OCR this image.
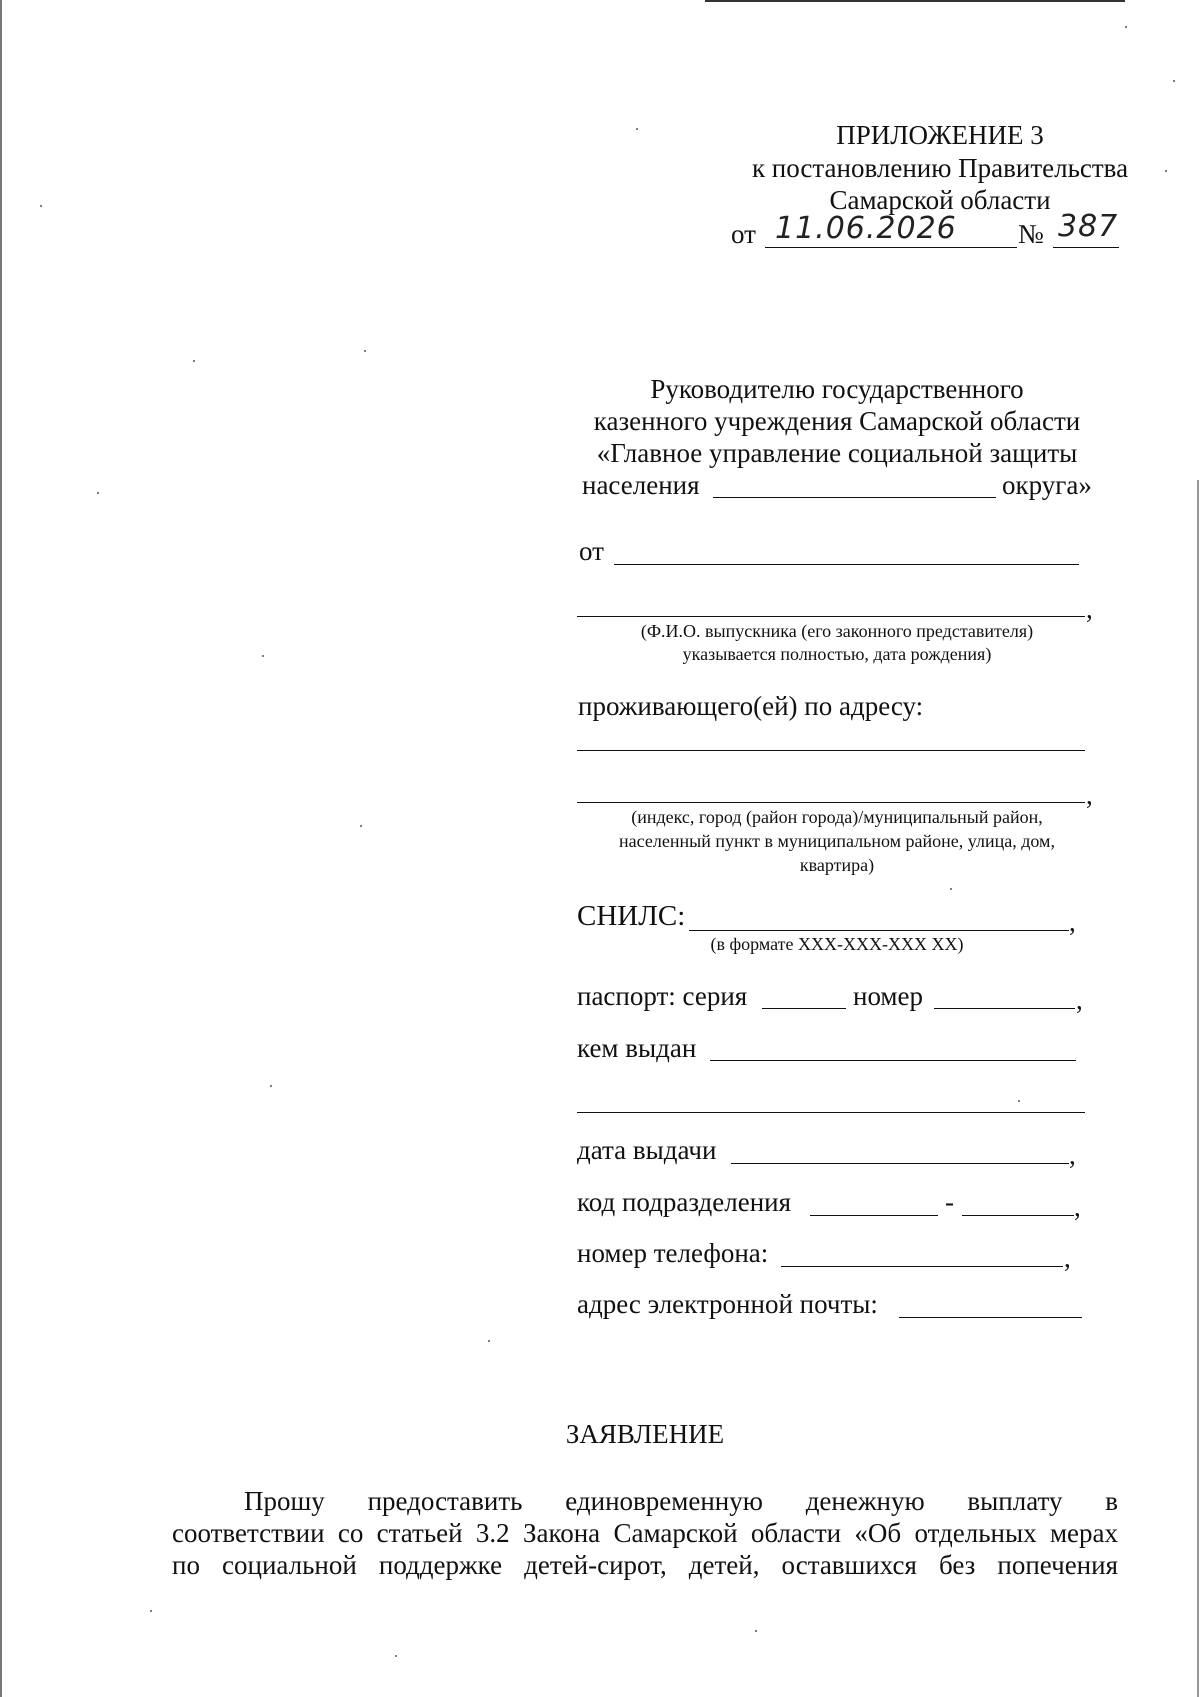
ПРИЛОЖЕНИЕ 3
к постановлению Правительства
Самарской области
от 11.06.2026 № 387
Руководителю государственного
казенного учреждения Самарской области
«Главное управление социальной защиты
населения	округа»
от
,
(Ф.И.О. выпускника (его законного представителя)
указывается полностью, дата рождения)
проживающего(ей) по адресу:
,
(индекс, город (район города)/муниципальный район,
населенный пункт в муниципальном районе, улица, дом,
квартира)
СНИЛС:	,
(в формате XXX-XXX-XXX XX)
паспорт: серия	номер	,
кем выдан
дата выдачи	,
код подразделения	-	,
номер телефона:	,
адрес электронной почты:
ЗАЯВЛЕНИЕ
Прошу предоставить единовременную денежную выплату в
соответствии со статьей 3.2 Закона Самарской области «Об отдельных мерах
по социальной поддержке детей-сирот, детей, оставшихся без попечения
